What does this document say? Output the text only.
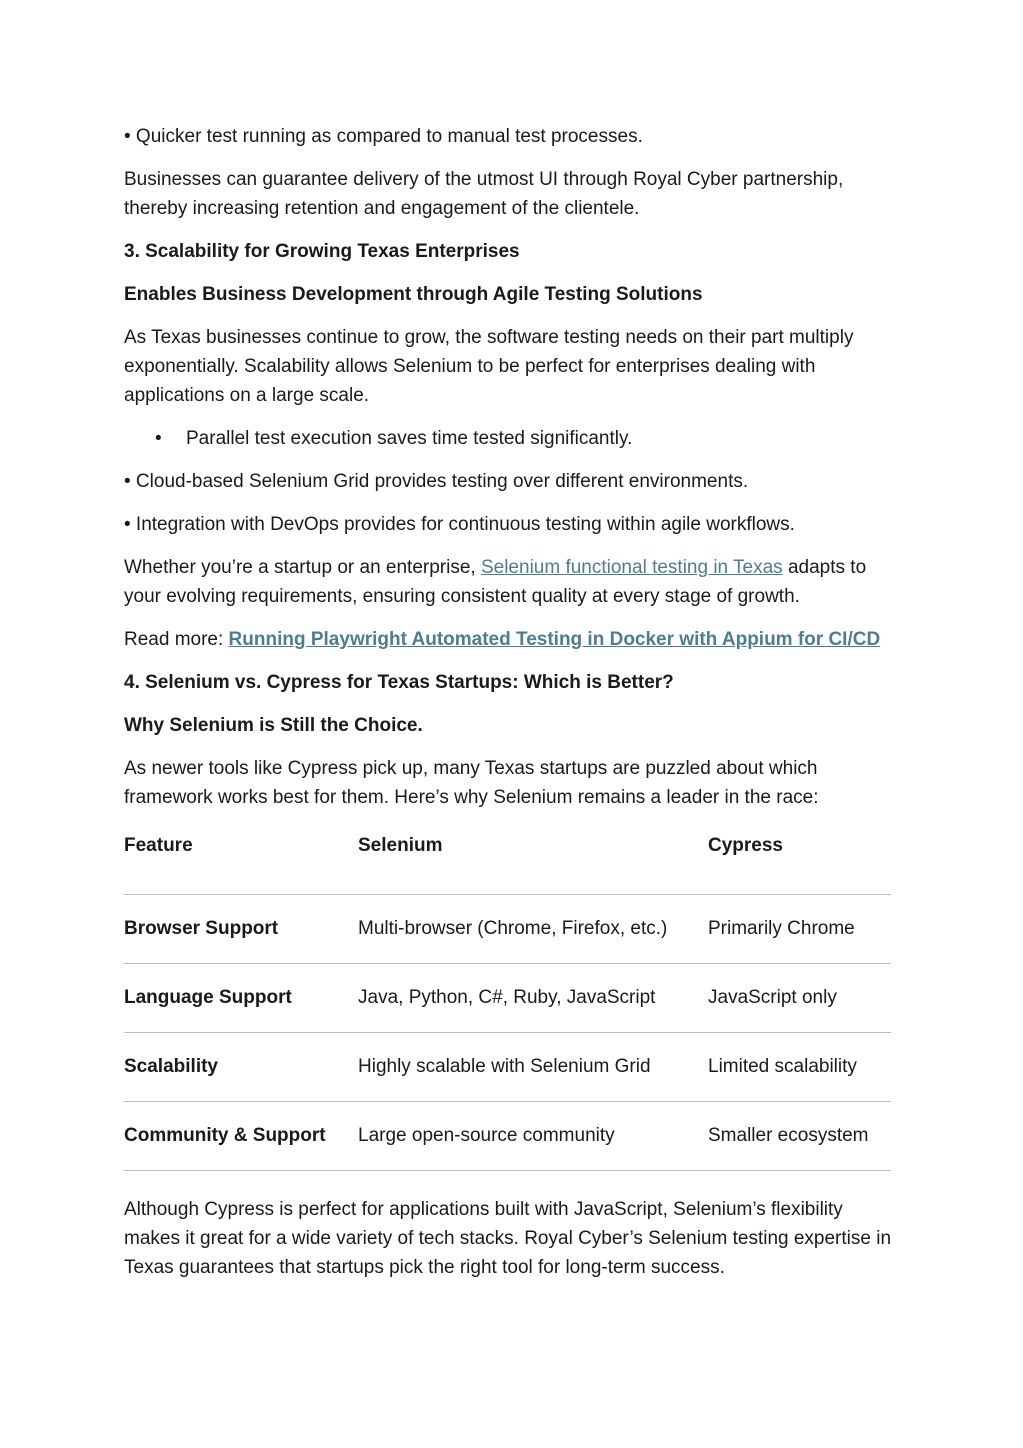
• Quicker test running as compared to manual test processes.

Businesses can guarantee delivery of the utmost UI through Royal Cyber partnership, thereby increasing retention and engagement of the clientele.

3. Scalability for Growing Texas Enterprises

Enables Business Development through Agile Testing Solutions

As Texas businesses continue to grow, the software testing needs on their part multiply exponentially. Scalability allows Selenium to be perfect for enterprises dealing with applications on a large scale.

• Parallel test execution saves time tested significantly.

• Cloud-based Selenium Grid provides testing over different environments.

• Integration with DevOps provides for continuous testing within agile workflows.

Whether you’re a startup or an enterprise, Selenium functional testing in Texas adapts to your evolving requirements, ensuring consistent quality at every stage of growth.

Read more: Running Playwright Automated Testing in Docker with Appium for CI/CD

4. Selenium vs. Cypress for Texas Startups: Which is Better?

Why Selenium is Still the Choice.

As newer tools like Cypress pick up, many Texas startups are puzzled about which framework works best for them. Here’s why Selenium remains a leader in the race:

Feature	Selenium	Cypress
Browser Support	Multi-browser (Chrome, Firefox, etc.)	Primarily Chrome
Language Support	Java, Python, C#, Ruby, JavaScript	JavaScript only
Scalability	Highly scalable with Selenium Grid	Limited scalability
Community & Support	Large open-source community	Smaller ecosystem

Although Cypress is perfect for applications built with JavaScript, Selenium’s flexibility makes it great for a wide variety of tech stacks. Royal Cyber’s Selenium testing expertise in Texas guarantees that startups pick the right tool for long-term success.
